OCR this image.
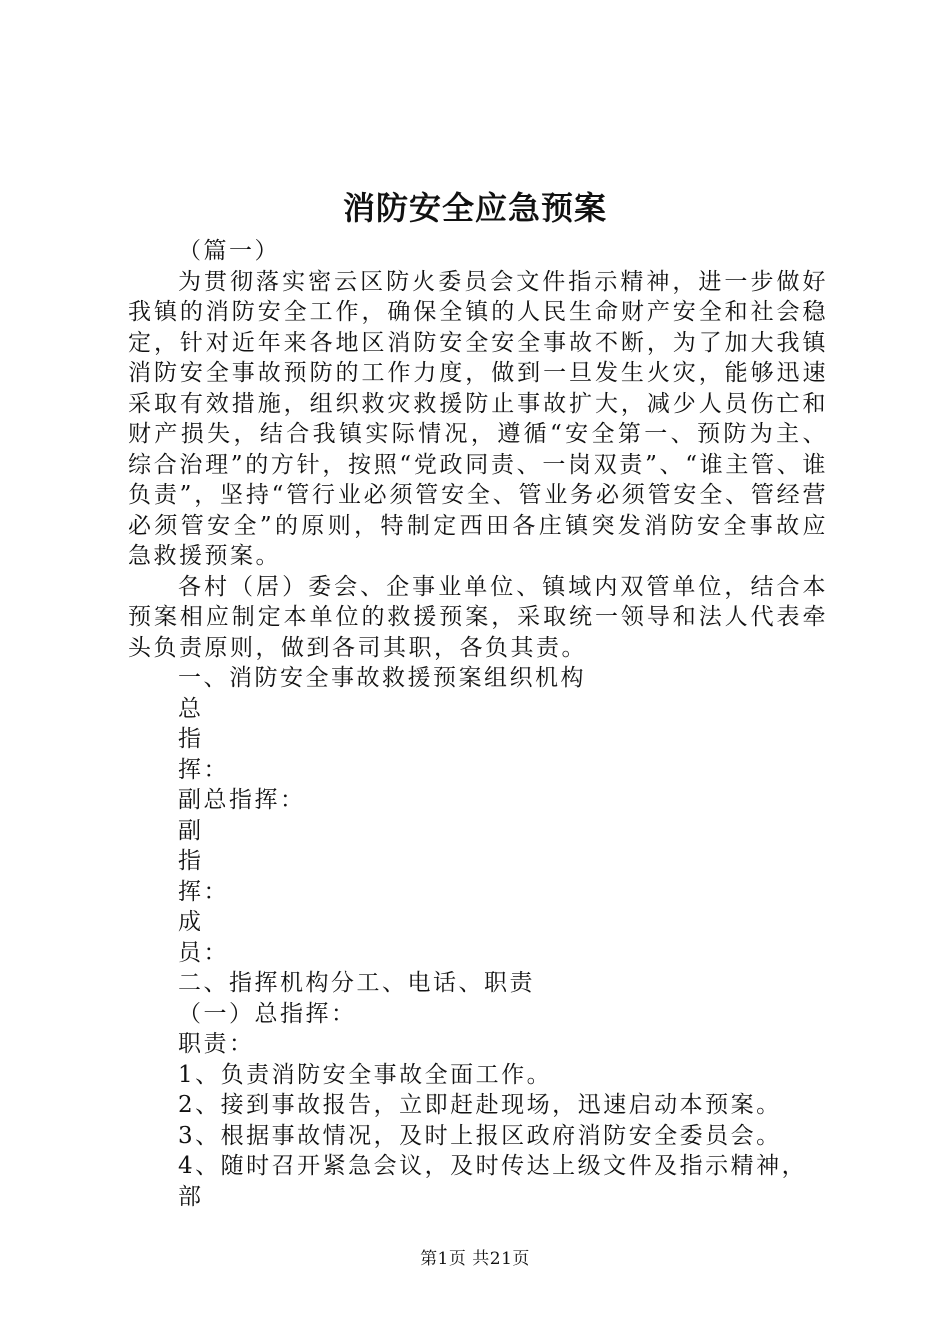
消防安全应急预案

（篇一）

为贯彻落实密云区防火委员会文件指示精神，进一步做好我镇的消防安全工作，确保全镇的人民生命财产安全和社会稳定，针对近年来各地区消防安全安全事故不断，为了加大我镇消防安全事故预防的工作力度，做到一旦发生火灾，能够迅速采取有效措施，组织救灾救援防止事故扩大，减少人员伤亡和财产损失，结合我镇实际情况，遵循“安全第一、预防为主、综合治理”的方针，按照“党政同责、一岗双责”、“谁主管、谁负责”，坚持“管行业必须管安全、管业务必须管安全、管经营必须管安全”的原则，特制定西田各庄镇突发消防安全事故应急救援预案。

各村（居）委会、企事业单位、镇域内双管单位，结合本预案相应制定本单位的救援预案，采取统一领导和法人代表牵头负责原则，做到各司其职，各负其责。

一、消防安全事故救援预案组织机构

总

指

挥：

副总指挥：

副

指

挥：

成

员：

二、指挥机构分工、电话、职责

（一）总指挥：

职责：

1、负责消防安全事故全面工作。

2、接到事故报告，立即赶赴现场，迅速启动本预案。

3、根据事故情况，及时上报区政府消防安全委员会。

4、随时召开紧急会议，及时传达上级文件及指示精神，部

第1页 共21页
